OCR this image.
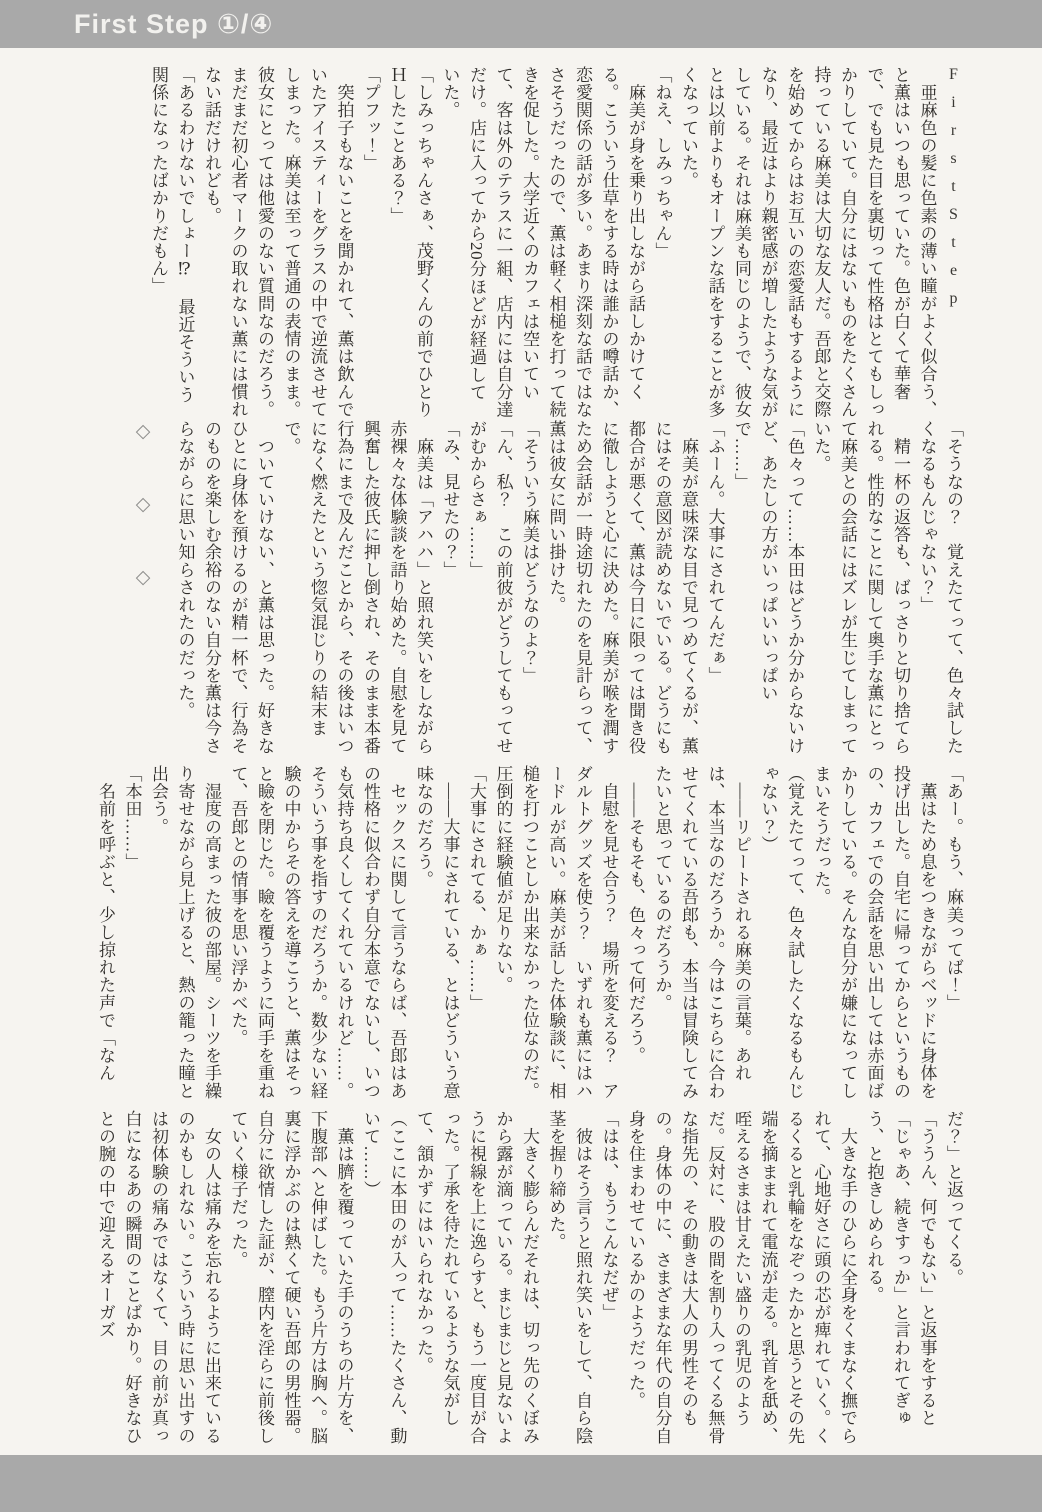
First Step ①/④
FirstStep

　亜麻色の髪に色素の薄い瞳がよく似合う、と薫はいつも思っていた。色が白くて華奢で、でも見た目を裏切って性格はとてもしっかりしていて。自分にはないものをたくさん持っている麻美は大切な友人だ。吾郎と交際を始めてからはお互いの恋愛話もするようになり、最近はより親密感が増したような気がしている。それは麻美も同じのようで、彼女とは以前よりもオープンな話をすることが多くなっていた。

「ねえ、しみっちゃん」

　麻美が身を乗り出しながら話しかけてくる。こういう仕草をする時は誰かの噂話か、恋愛関係の話が多い。あまり深刻な話ではなさそうだったので、薫は軽く相槌を打って続きを促した。大学近くのカフェは空いていて、客は外のテラスに一組、店内には自分達だけ。店に入ってから20分ほどが経過していた。

「しみっちゃんさぁ、茂野くんの前でひとりＨしたことある？」

「プフッ！」

　突拍子もないことを聞かれて、薫は飲んでいたアイスティーをグラスの中で逆流させてしまった。麻美は至って普通の表情のまま。彼女にとっては他愛のない質問なのだろう。まだまだ初心者マークの取れない薫には慣れない話だけれども。

「あるわけないでしょー⁉　最近そういう関係になったばかりだもん」

「そうなの？　覚えたてって、色々試したくなるもんじゃない？」

　精一杯の返答も、ばっさりと切り捨てられる。性的なことに関して奥手な薫にとって麻美との会話にはズレが生じてしまっていた。

「色々って……本田はどうか分からないけど、あたしの方がいっぱいいっぱいで……」

「ふーん。大事にされてんだぁ」

　麻美が意味深な目で見つめてくるが、薫にはその意図が読めないでいる。どうにも都合が悪くて、薫は今日に限っては聞き役に徹しようと心に決めた。麻美が喉を潤すため会話が一時途切れたのを見計らって、薫は彼女に問い掛けた。

「そういう麻美はどうなのよ？」

「ん、私？　この前彼がどうしてもってせがむからさぁ……」

「み、見せたの？」

　麻美は「アハハ」と照れ笑いをしながら赤裸々な体験談を語り始めた。自慰を見て興奮した彼氏に押し倒され、そのまま本番行為にまで及んだことから、その後はいつになく燃えたという惚気混じりの結末まで。

　ついていけない、と薫は思った。好きなひとに身体を預けるのが精一杯で、行為そのものを楽しむ余裕のない自分を薫は今さらながらに思い知らされたのだった。

◇　◇　◇

「あー。もう、麻美ってば！」

　薫はため息をつきながらベッドに身体を投げ出した。自宅に帰ってからというものの、カフェでの会話を思い出しては赤面ばかりしている。そんな自分が嫌になってしまいそうだった。

（覚えたてって、色々試したくなるもんじゃない？）

　――リピートされる麻美の言葉。あれは、本当なのだろうか。今はこちらに合わせてくれている吾郎も、本当は冒険してみたいと思っているのだろうか。

　――そもそも、色々って何だろう。

　自慰を見せ合う？　場所を変える？　アダルトグッズを使う？　いずれも薫にはハードルが高い。麻美が話した体験談に、相槌を打つことしか出来なかった位なのだ。圧倒的に経験値が足りない。

「大事にされてる、かぁ……」

　――大事にされている、とはどういう意味なのだろう。

　セックスに関して言うならば、吾郎はあの性格に似合わず自分本意でないし、いつも気持ち良くしてくれているけれど……。そういう事を指すのだろうか。数少ない経験の中からその答えを導こうと、薫はそっと瞼を閉じた。瞼を覆うように両手を重ねて、吾郎との情事を思い浮かべた。

　湿度の高まった彼の部屋。シーツを手繰り寄せながら見上げると、熱の籠った瞳と出会う。

「本田……」

　名前を呼ぶと、少し掠れた声で「なん

だ？」と返ってくる。

「ううん、何でもない」と返事をすると「じゃあ、続きすっか」と言われてぎゅう、と抱きしめられる。

　大きな手のひらに全身をくまなく撫でられて、心地好さに頭の芯が痺れていく。くるくると乳輪をなぞったかと思うとその先端を摘ままれて電流が走る。乳首を舐め、咥えるさまは甘えたい盛りの乳児のようだ。反対に、股の間を割り入ってくる無骨な指先の、その動きは大人の男性そのもの。身体の中に、さまざまな年代の自分自身を住まわせているかのようだった。

「はは、もうこんなだぜ」

　彼はそう言うと照れ笑いをして、自ら陰茎を握り締めた。

　大きく膨らんだそれは、切っ先のくぼみから露が滴っている。まじまじと見ないように視線を上に逸らすと、もう一度目が合った。了承を待たれているような気がして、頷かずにはいられなかった。

（ここに本田のが入って……たくさん、動いて……）

　薫は臍を覆っていた手のうちの片方を、下腹部へと伸ばした。もう片方は胸へ。脳裏に浮かぶのは熱くて硬い吾郎の男性器。自分に欲情した証が、膣内を淫らに前後していく様子だった。

　女の人は痛みを忘れるように出来ているのかもしれない。こういう時に思い出すのは初体験の痛みではなくて、目の前が真っ白になるあの瞬間のことばかり。好きなひとの腕の中で迎えるオーガズ
